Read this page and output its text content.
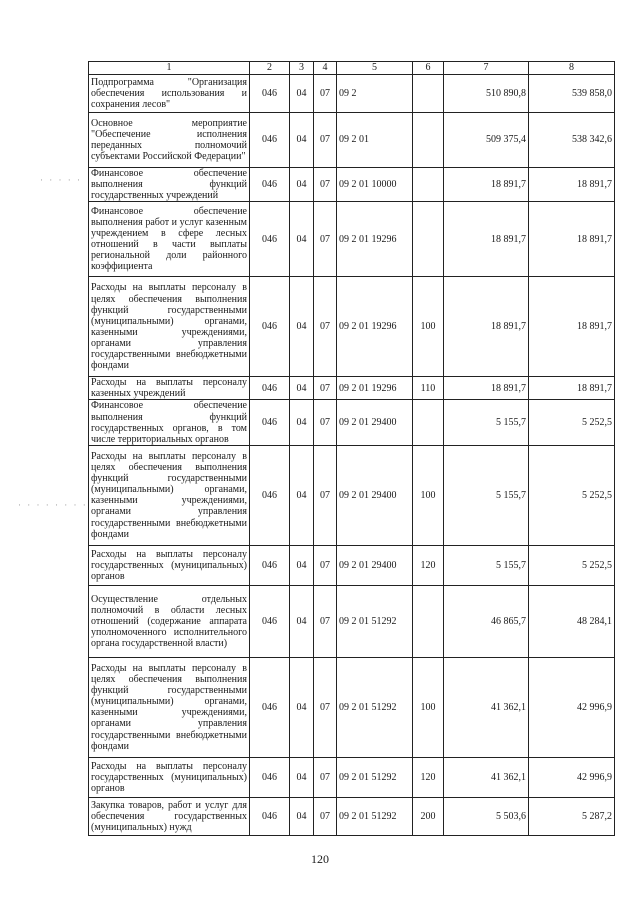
· · · · ·
· · · · · · · ·
1	2	3	4	5	6	7	8
Подпрограмма "Организация обеспечения использования и сохранения лесов"	046	04	07	09 2		510 890,8	539 858,0
Основное мероприятие "Обеспечение исполнения переданных полномочий субъектами Российской Федерации"	046	04	07	09 2 01		509 375,4	538 342,6
Финансовое обеспечение выполнения функций государственных учреждений	046	04	07	09 2 01 10000		18 891,7	18 891,7
Финансовое обеспечение выполнения работ и услуг казенным учреждением в сфере лесных отношений в части выплаты региональной доли районного коэффициента	046	04	07	09 2 01 19296		18 891,7	18 891,7
Расходы на выплаты персоналу в целях обеспечения выполнения функций государственными (муниципальными) органами, казенными учреждениями, органами управления государственными внебюджетными фондами	046	04	07	09 2 01 19296	100	18 891,7	18 891,7
Расходы на выплаты персоналу казенных учреждений	046	04	07	09 2 01 19296	110	18 891,7	18 891,7
Финансовое обеспечение выполнения функций государственных органов, в том числе территориальных органов	046	04	07	09 2 01 29400		5 155,7	5 252,5
Расходы на выплаты персоналу в целях обеспечения выполнения функций государственными (муниципальными) органами, казенными учреждениями, органами управления государственными внебюджетными фондами	046	04	07	09 2 01 29400	100	5 155,7	5 252,5
Расходы на выплаты персоналу государственных (муниципальных) органов	046	04	07	09 2 01 29400	120	5 155,7	5 252,5
Осуществление отдельных полномочий в области лесных отношений (содержание аппарата уполномоченного исполнительного органа государственной власти)	046	04	07	09 2 01 51292		46 865,7	48 284,1
Расходы на выплаты персоналу в целях обеспечения выполнения функций государственными (муниципальными) органами, казенными учреждениями, органами управления государственными внебюджетными фондами	046	04	07	09 2 01 51292	100	41 362,1	42 996,9
Расходы на выплаты персоналу государственных (муниципальных) органов	046	04	07	09 2 01 51292	120	41 362,1	42 996,9
Закупка товаров, работ и услуг для обеспечения государственных (муниципальных) нужд	046	04	07	09 2 01 51292	200	5 503,6	5 287,2
120
